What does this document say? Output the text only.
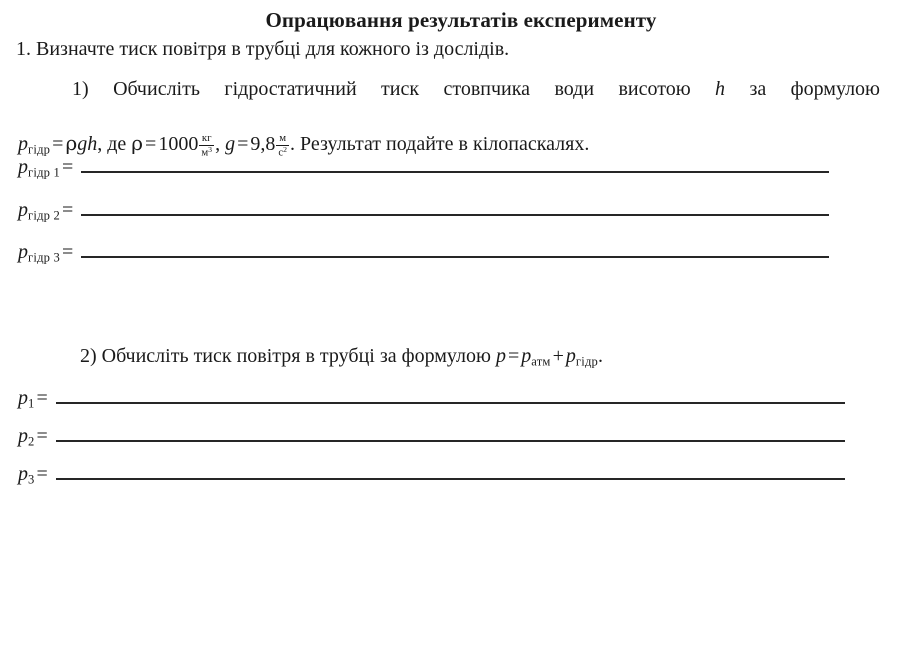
Опрацювання результатів експерименту
1. Визначте тиск повітря в трубці для кожного із дослідів.
1) Обчисліть гідростатичний тиск стовпчика води висотою h за формулою
pгідр = ρgh, де $\rho = 1000 \frac{кг}{м^3}$ , $g = 9,8 \frac{м}{с^2}$ . Результат подайте в кілопаскалях.
pгідр 1 =
pгідр 2 =
pгідр 3 =
2) Обчисліть тиск повітря в трубці за формулою p = pатм + pгідр.
p1 =
p2 =
p3 =
